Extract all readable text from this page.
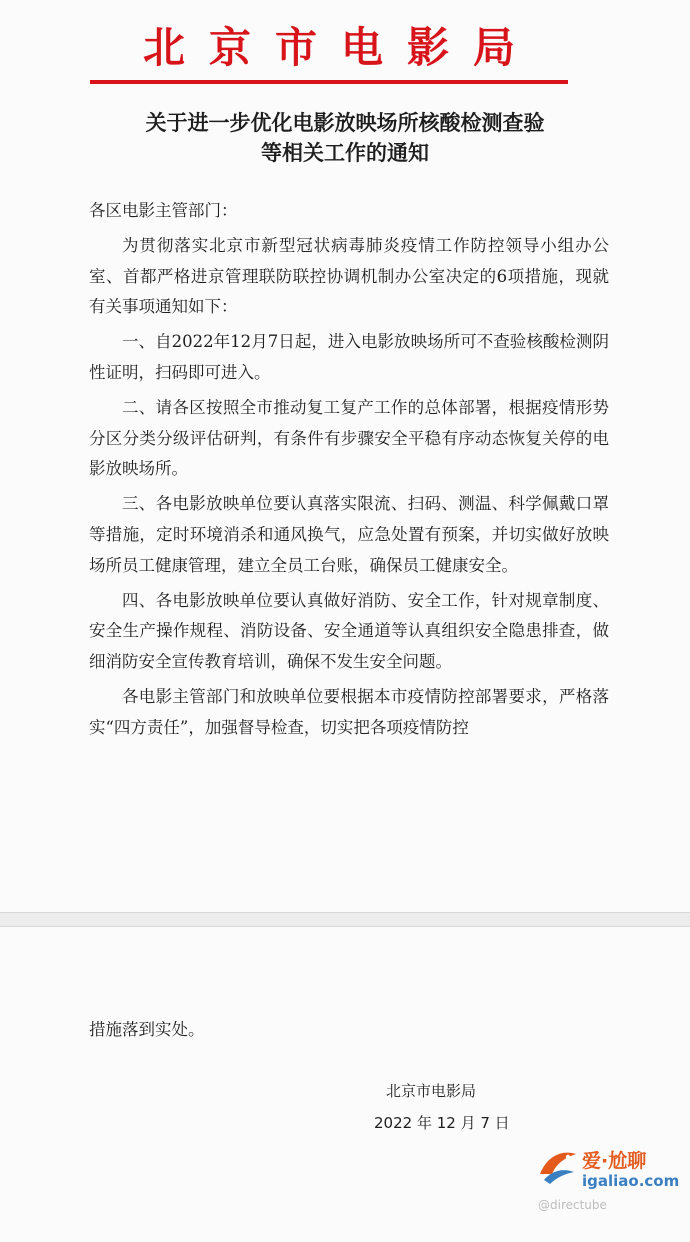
北京市电影局
关于进一步优化电影放映场所核酸检测查验
等相关工作的通知

各区电影主管部门：

为贯彻落实北京市新型冠状病毒肺炎疫情工作防控领导小组办公室、首都严格进京管理联防联控协调机制办公室决定的6项措施，现就有关事项通知如下：

一、自2022年12月7日起，进入电影放映场所可不查验核酸检测阴性证明，扫码即可进入。

二、请各区按照全市推动复工复产工作的总体部署，根据疫情形势分区分类分级评估研判，有条件有步骤安全平稳有序动态恢复关停的电影放映场所。

三、各电影放映单位要认真落实限流、扫码、测温、科学佩戴口罩等措施，定时环境消杀和通风换气，应急处置有预案，并切实做好放映场所员工健康管理，建立全员工台账，确保员工健康安全。

四、各电影放映单位要认真做好消防、安全工作，针对规章制度、安全生产操作规程、消防设备、安全通道等认真组织安全隐患排查，做细消防安全宣传教育培训，确保不发生安全问题。

各电影主管部门和放映单位要根据本市疫情防控部署要求，严格落实“四方责任”，加强督导检查，切实把各项疫情防控

措施落到实处。
北京市电影局
2022 年 12 月 7 日
爱·尬聊
igaliao.com
@directube
